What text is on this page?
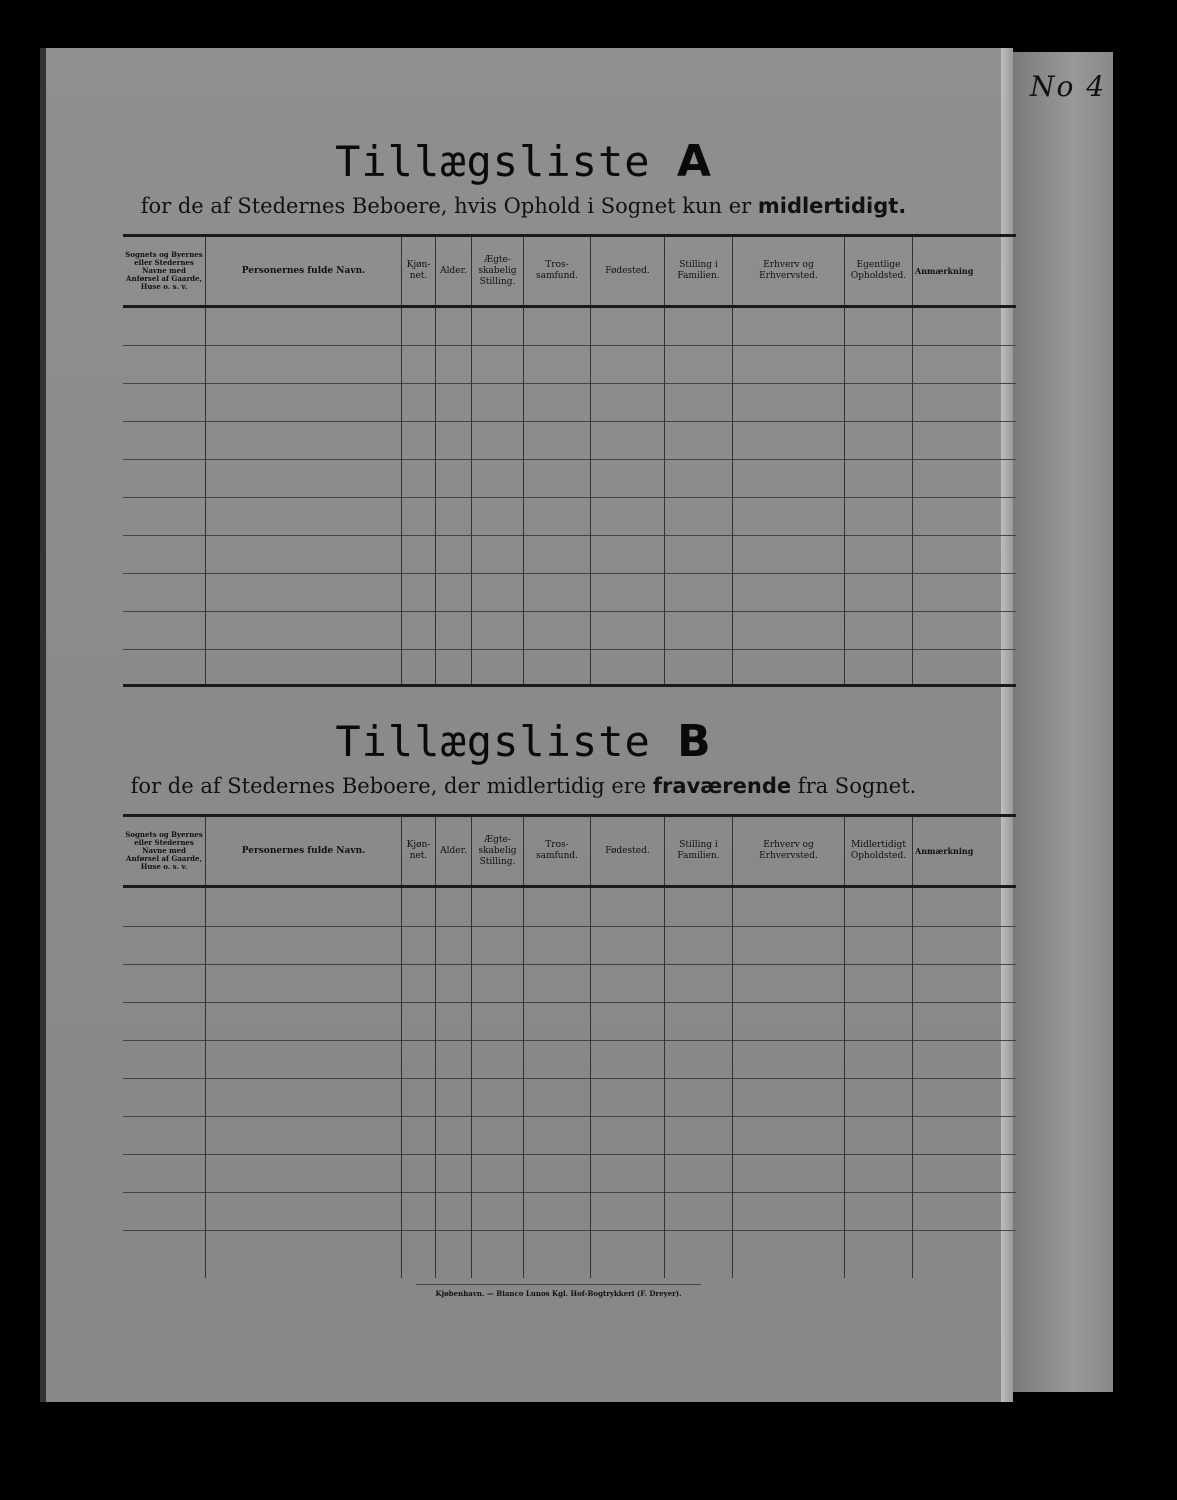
No 4
Tillægsliste A
for de af Stedernes Beboere, hvis Ophold i Sognet kun er midlertidigt.
Sognets og Byernes eller Stedernes Navne med Anførsel af Gaarde, Huse o. s. v.
Personernes fulde Navn.
Kjøn-net.
Alder.
Ægte-skabelig Stilling.
Tros-samfund.
Fødested.
Stilling i Familien.
Erhverv og Erhvervsted.
Egentlige Opholdsted.
Anmærkning
Tillægsliste B
for de af Stedernes Beboere, der midlertidig ere fraværende fra Sognet.
Sognets og Byernes eller Stedernes Navne med Anførsel af Gaarde, Huse o. s. v.
Personernes fulde Navn.
Kjøn-net.
Alder.
Ægte-skabelig Stilling.
Tros-samfund.
Fødested.
Stilling i Familien.
Erhverv og Erhvervsted.
Midlertidigt Opholdsted.
Anmærkning
Kjøbenhavn. — Bianco Lunos Kgl. Hof-Bogtrykkeri (F. Dreyer).
